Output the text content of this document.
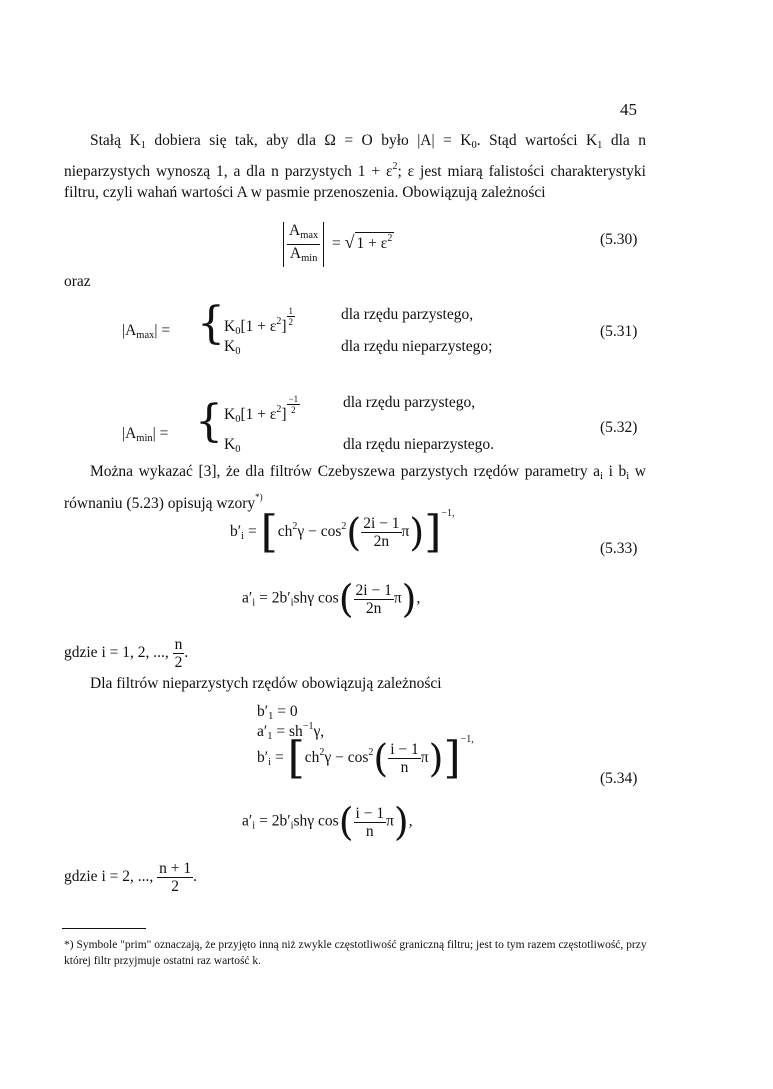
45
Stałą $K_1$ dobiera się tak, aby dla Ω = O było $|A| = K_0$. Stąd wartości $K_1$ dla n nieparzystych wynoszą 1, a dla n parzystych $1 + \varepsilon^2$; ε jest miarą falistości charakterystyki filtru, czyli wahań wartości A w pasmie przenoszenia. Obowiązują zależności
$\frac{A_{max}}{A_{min}}$ = √ $1 + \varepsilon^2$	(5.30)
oraz
$|A_{max}|$ = { $K_0[1 + \varepsilon^2] \frac{1}{2}$	dla rzędu parzystego,
$K_0$	dla rzędu nieparzystego;
(5.31)
$|A_{min}|$ = { $K_0[1 + \varepsilon^2] \frac{-1}{2}$	dla rzędu parzystego,
$K_0$	dla rzędu nieparzystego.
(5.32)
Można wykazać [3], że dla filtrów Czebyszewa parzystych rzędów parametry $a_i$ i $b_i$ w równaniu (5.23) opisują wzory*)
$b'_i = [ch^2\gamma - \cos^2( \frac{2i - 1}{2n} \pi)]^{-1,}$
(5.33)
$a'_i = 2b'_ish\gamma$ $\cos( \frac{2i - 1}{2n} \pi)$,
gdzie i = 1, 2, ..., $\frac{n}{2}$ .
Dla filtrów nieparzystych rzędów obowiązują zależności
$b'_1 = 0$
$a'_1 = sh^{-1}\gamma$,
$b'_i = [ch^2\gamma - \cos^2( \frac{i - 1}{n} \pi)]^{-1,}$
(5.34)
$a'_i = 2b'_ish\gamma$ $\cos( \frac{i - 1}{n} \pi)$,
gdzie i = 2, ..., $\frac{n + 1}{2}$ .
*) Symbole "prim" oznaczają, że przyjęto inną niż zwykle częstotliwość graniczną filtru; jest to tym razem częstotliwość, przy której filtr przyjmuje ostatni raz wartość k.
